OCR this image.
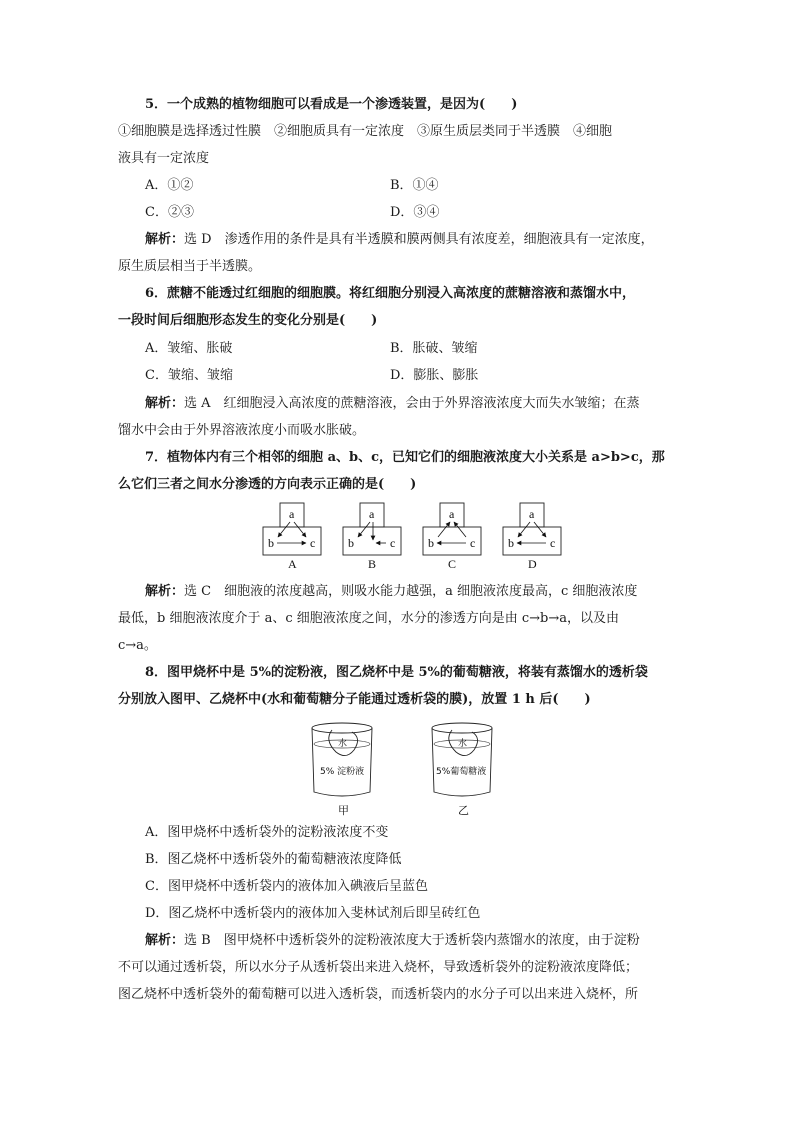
5．一个成熟的植物细胞可以看成是一个渗透装置，是因为(　　)
①细胞膜是选择透过性膜　②细胞质具有一定浓度　③原生质层类同于半透膜　④细胞
液具有一定浓度
A．①②	B．①④
C．②③	D．③④
解析：选 D　渗透作用的条件是具有半透膜和膜两侧具有浓度差，细胞液具有一定浓度，
原生质层相当于半透膜。
6．蔗糖不能透过红细胞的细胞膜。将红细胞分别浸入高浓度的蔗糖溶液和蒸馏水中，
一段时间后细胞形态发生的变化分别是(　　)
A．皱缩、胀破	B．胀破、皱缩
C．皱缩、皱缩	D．膨胀、膨胀
解析：选 A　红细胞浸入高浓度的蔗糖溶液，会由于外界溶液浓度大而失水皱缩；在蒸
馏水中会由于外界溶液浓度小而吸水胀破。
7．植物体内有三个相邻的细胞 a、b、c，已知它们的细胞液浓度大小关系是 a>b>c，那
么它们三者之间水分渗透的方向表示正确的是(　　)
a
b	c
A
a
b	c
B
a
b	c
C
a
b	c
D
解析：选 C　细胞液的浓度越高，则吸水能力越强，a 细胞液浓度最高，c 细胞液浓度
最低，b 细胞液浓度介于 a、c 细胞液浓度之间，水分的渗透方向是由 c→b→a，以及由
c→a。
8．图甲烧杯中是 5%的淀粉液，图乙烧杯中是 5%的葡萄糖液，将装有蒸馏水的透析袋
分别放入图甲、乙烧杯中(水和葡萄糖分子能通过透析袋的膜)，放置 1 h 后(　　)
水
5% 淀粉液
甲
水
5%葡萄糖液
乙
A．图甲烧杯中透析袋外的淀粉液浓度不变
B．图乙烧杯中透析袋外的葡萄糖液浓度降低
C．图甲烧杯中透析袋内的液体加入碘液后呈蓝色
D．图乙烧杯中透析袋内的液体加入斐林试剂后即呈砖红色
解析：选 B　图甲烧杯中透析袋外的淀粉液浓度大于透析袋内蒸馏水的浓度，由于淀粉
不可以通过透析袋，所以水分子从透析袋出来进入烧杯，导致透析袋外的淀粉液浓度降低；
图乙烧杯中透析袋外的葡萄糖可以进入透析袋，而透析袋内的水分子可以出来进入烧杯，所
